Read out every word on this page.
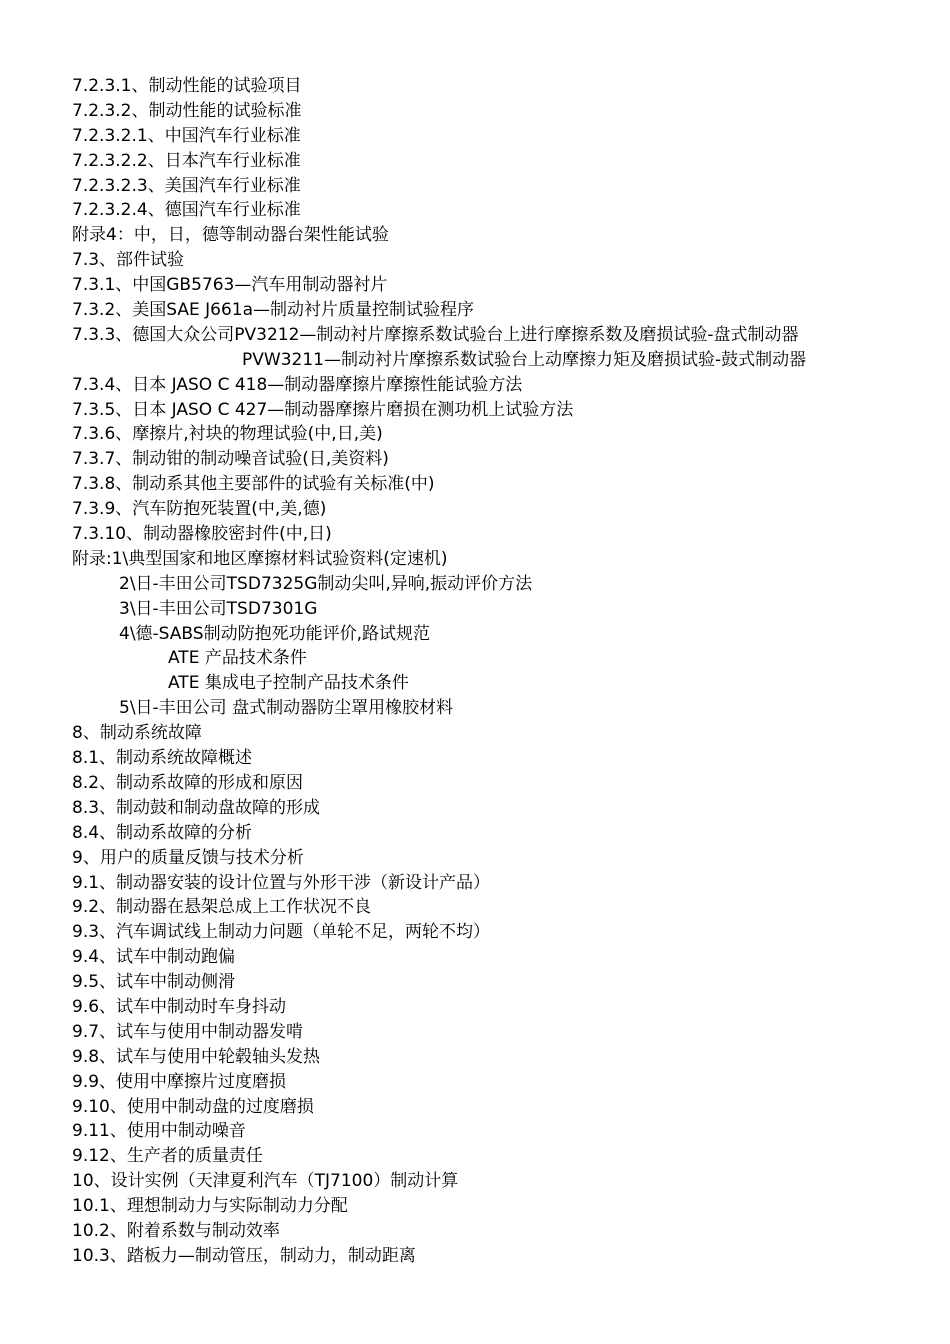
7.2.3.1、制动性能的试验项目
7.2.3.2、制动性能的试验标准
7.2.3.2.1、中国汽车行业标准
7.2.3.2.2、日本汽车行业标准
7.2.3.2.3、美国汽车行业标准
7.2.3.2.4、德国汽车行业标准
附录4：中，日，德等制动器台架性能试验
7.3、部件试验
7.3.1、中国GB5763—汽车用制动器衬片
7.3.2、美国SAE J661a—制动衬片质量控制试验程序
7.3.3、德国大众公司PV3212—制动衬片摩擦系数试验台上进行摩擦系数及磨损试验-盘式制动器
PVW3211—制动衬片摩擦系数试验台上动摩擦力矩及磨损试验-鼓式制动器
7.3.4、日本 JASO C 418—制动器摩擦片摩擦性能试验方法
7.3.5、日本 JASO C 427—制动器摩擦片磨损在测功机上试验方法
7.3.6、摩擦片,衬块的物理试验(中,日,美)
7.3.7、制动钳的制动噪音试验(日,美资料)
7.3.8、制动系其他主要部件的试验有关标准(中)
7.3.9、汽车防抱死装置(中,美,德)
7.3.10、制动器橡胶密封件(中,日)
附录:1\典型国家和地区摩擦材料试验资料(定速机)
2\日-丰田公司TSD7325G制动尖叫,异响,振动评价方法
3\日-丰田公司TSD7301G
4\德-SABS制动防抱死功能评价,路试规范
ATE 产品技术条件
ATE 集成电子控制产品技术条件
5\日-丰田公司 盘式制动器防尘罩用橡胶材料
8、制动系统故障
8.1、制动系统故障概述
8.2、制动系故障的形成和原因
8.3、制动鼓和制动盘故障的形成
8.4、制动系故障的分析
9、用户的质量反馈与技术分析
9.1、制动器安装的设计位置与外形干涉（新设计产品）
9.2、制动器在悬架总成上工作状况不良
9.3、汽车调试线上制动力问题（单轮不足，两轮不均）
9.4、试车中制动跑偏
9.5、试车中制动侧滑
9.6、试车中制动时车身抖动
9.7、试车与使用中制动器发啃
9.8、试车与使用中轮毂轴头发热
9.9、使用中摩擦片过度磨损
9.10、使用中制动盘的过度磨损
9.11、使用中制动噪音
9.12、生产者的质量责任
10、设计实例（天津夏利汽车（TJ7100）制动计算
10.1、理想制动力与实际制动力分配
10.2、附着系数与制动效率
10.3、踏板力—制动管压，制动力，制动距离
